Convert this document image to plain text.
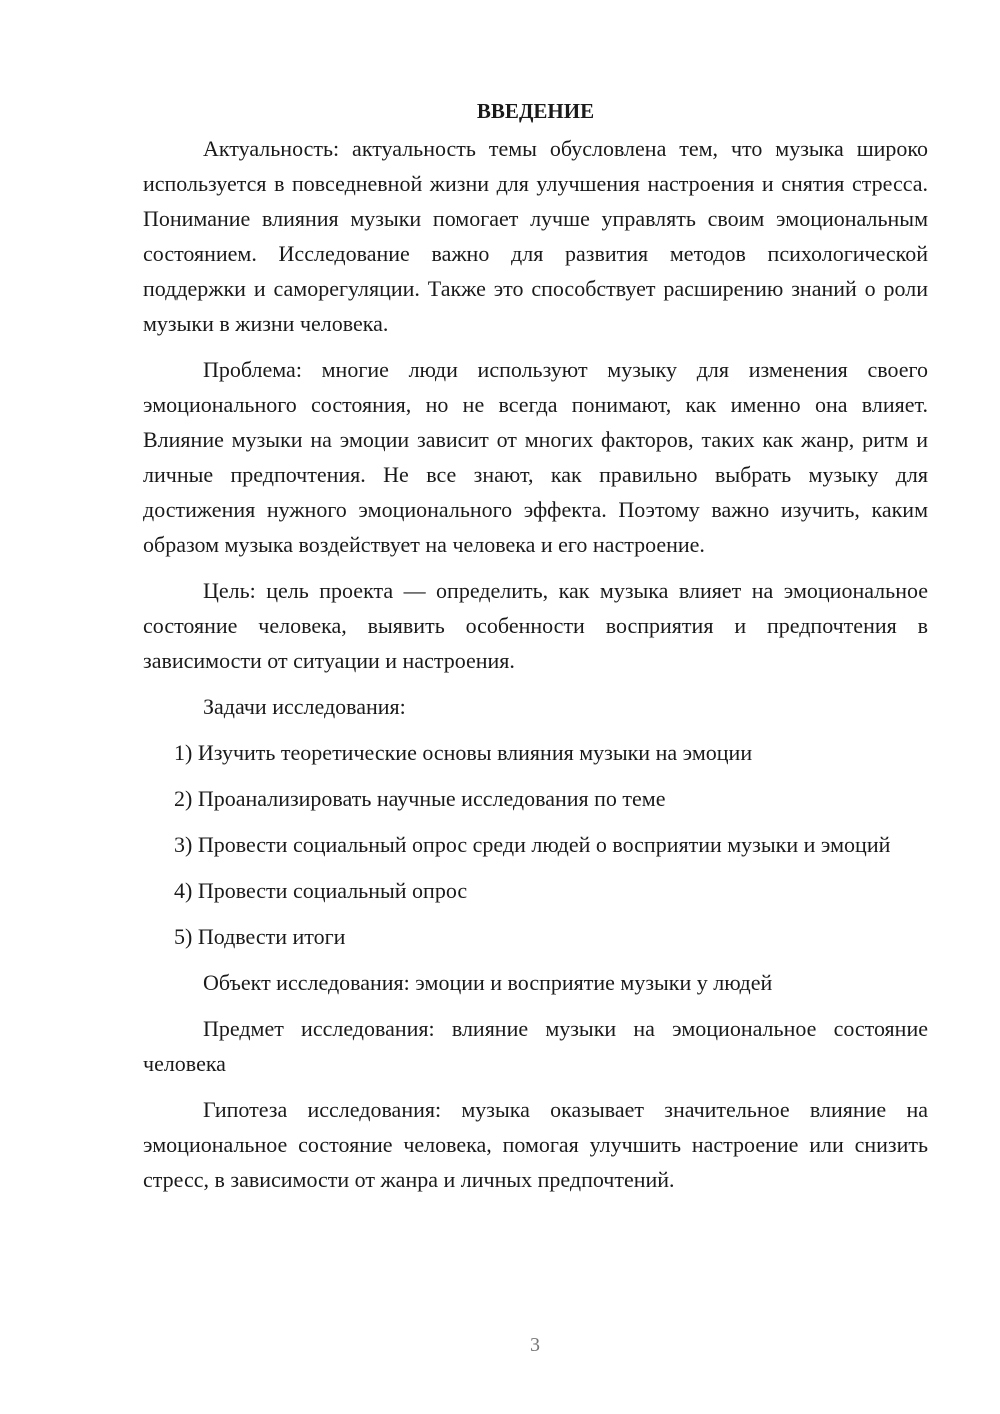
ВВЕДЕНИЕ

Актуальность: актуальность темы обусловлена тем, что музыка широко используется в повседневной жизни для улучшения настроения и снятия стресса. Понимание влияния музыки помогает лучше управлять своим эмоциональным состоянием. Исследование важно для развития методов психологической поддержки и саморегуляции. Также это способствует расширению знаний о роли музыки в жизни человека.

Проблема: многие люди используют музыку для изменения своего эмоционального состояния, но не всегда понимают, как именно она влияет. Влияние музыки на эмоции зависит от многих факторов, таких как жанр, ритм и личные предпочтения. Не все знают, как правильно выбрать музыку для достижения нужного эмоционального эффекта. Поэтому важно изучить, каким образом музыка воздействует на человека и его настроение.

Цель: цель проекта — определить, как музыка влияет на эмоциональное состояние человека, выявить особенности восприятия и предпочтения в зависимости от ситуации и настроения.

Задачи исследования:

1) Изучить теоретические основы влияния музыки на эмоции

2) Проанализировать научные исследования по теме

3) Провести социальный опрос среди людей о восприятии музыки и эмоций

4) Провести социальный опрос

5) Подвести итоги

Объект исследования: эмоции и восприятие музыки у людей

Предмет исследования: влияние музыки на эмоциональное состояние человека

Гипотеза исследования: музыка оказывает значительное влияние на эмоциональное состояние человека, помогая улучшить настроение или снизить стресс, в зависимости от жанра и личных предпочтений.

3
